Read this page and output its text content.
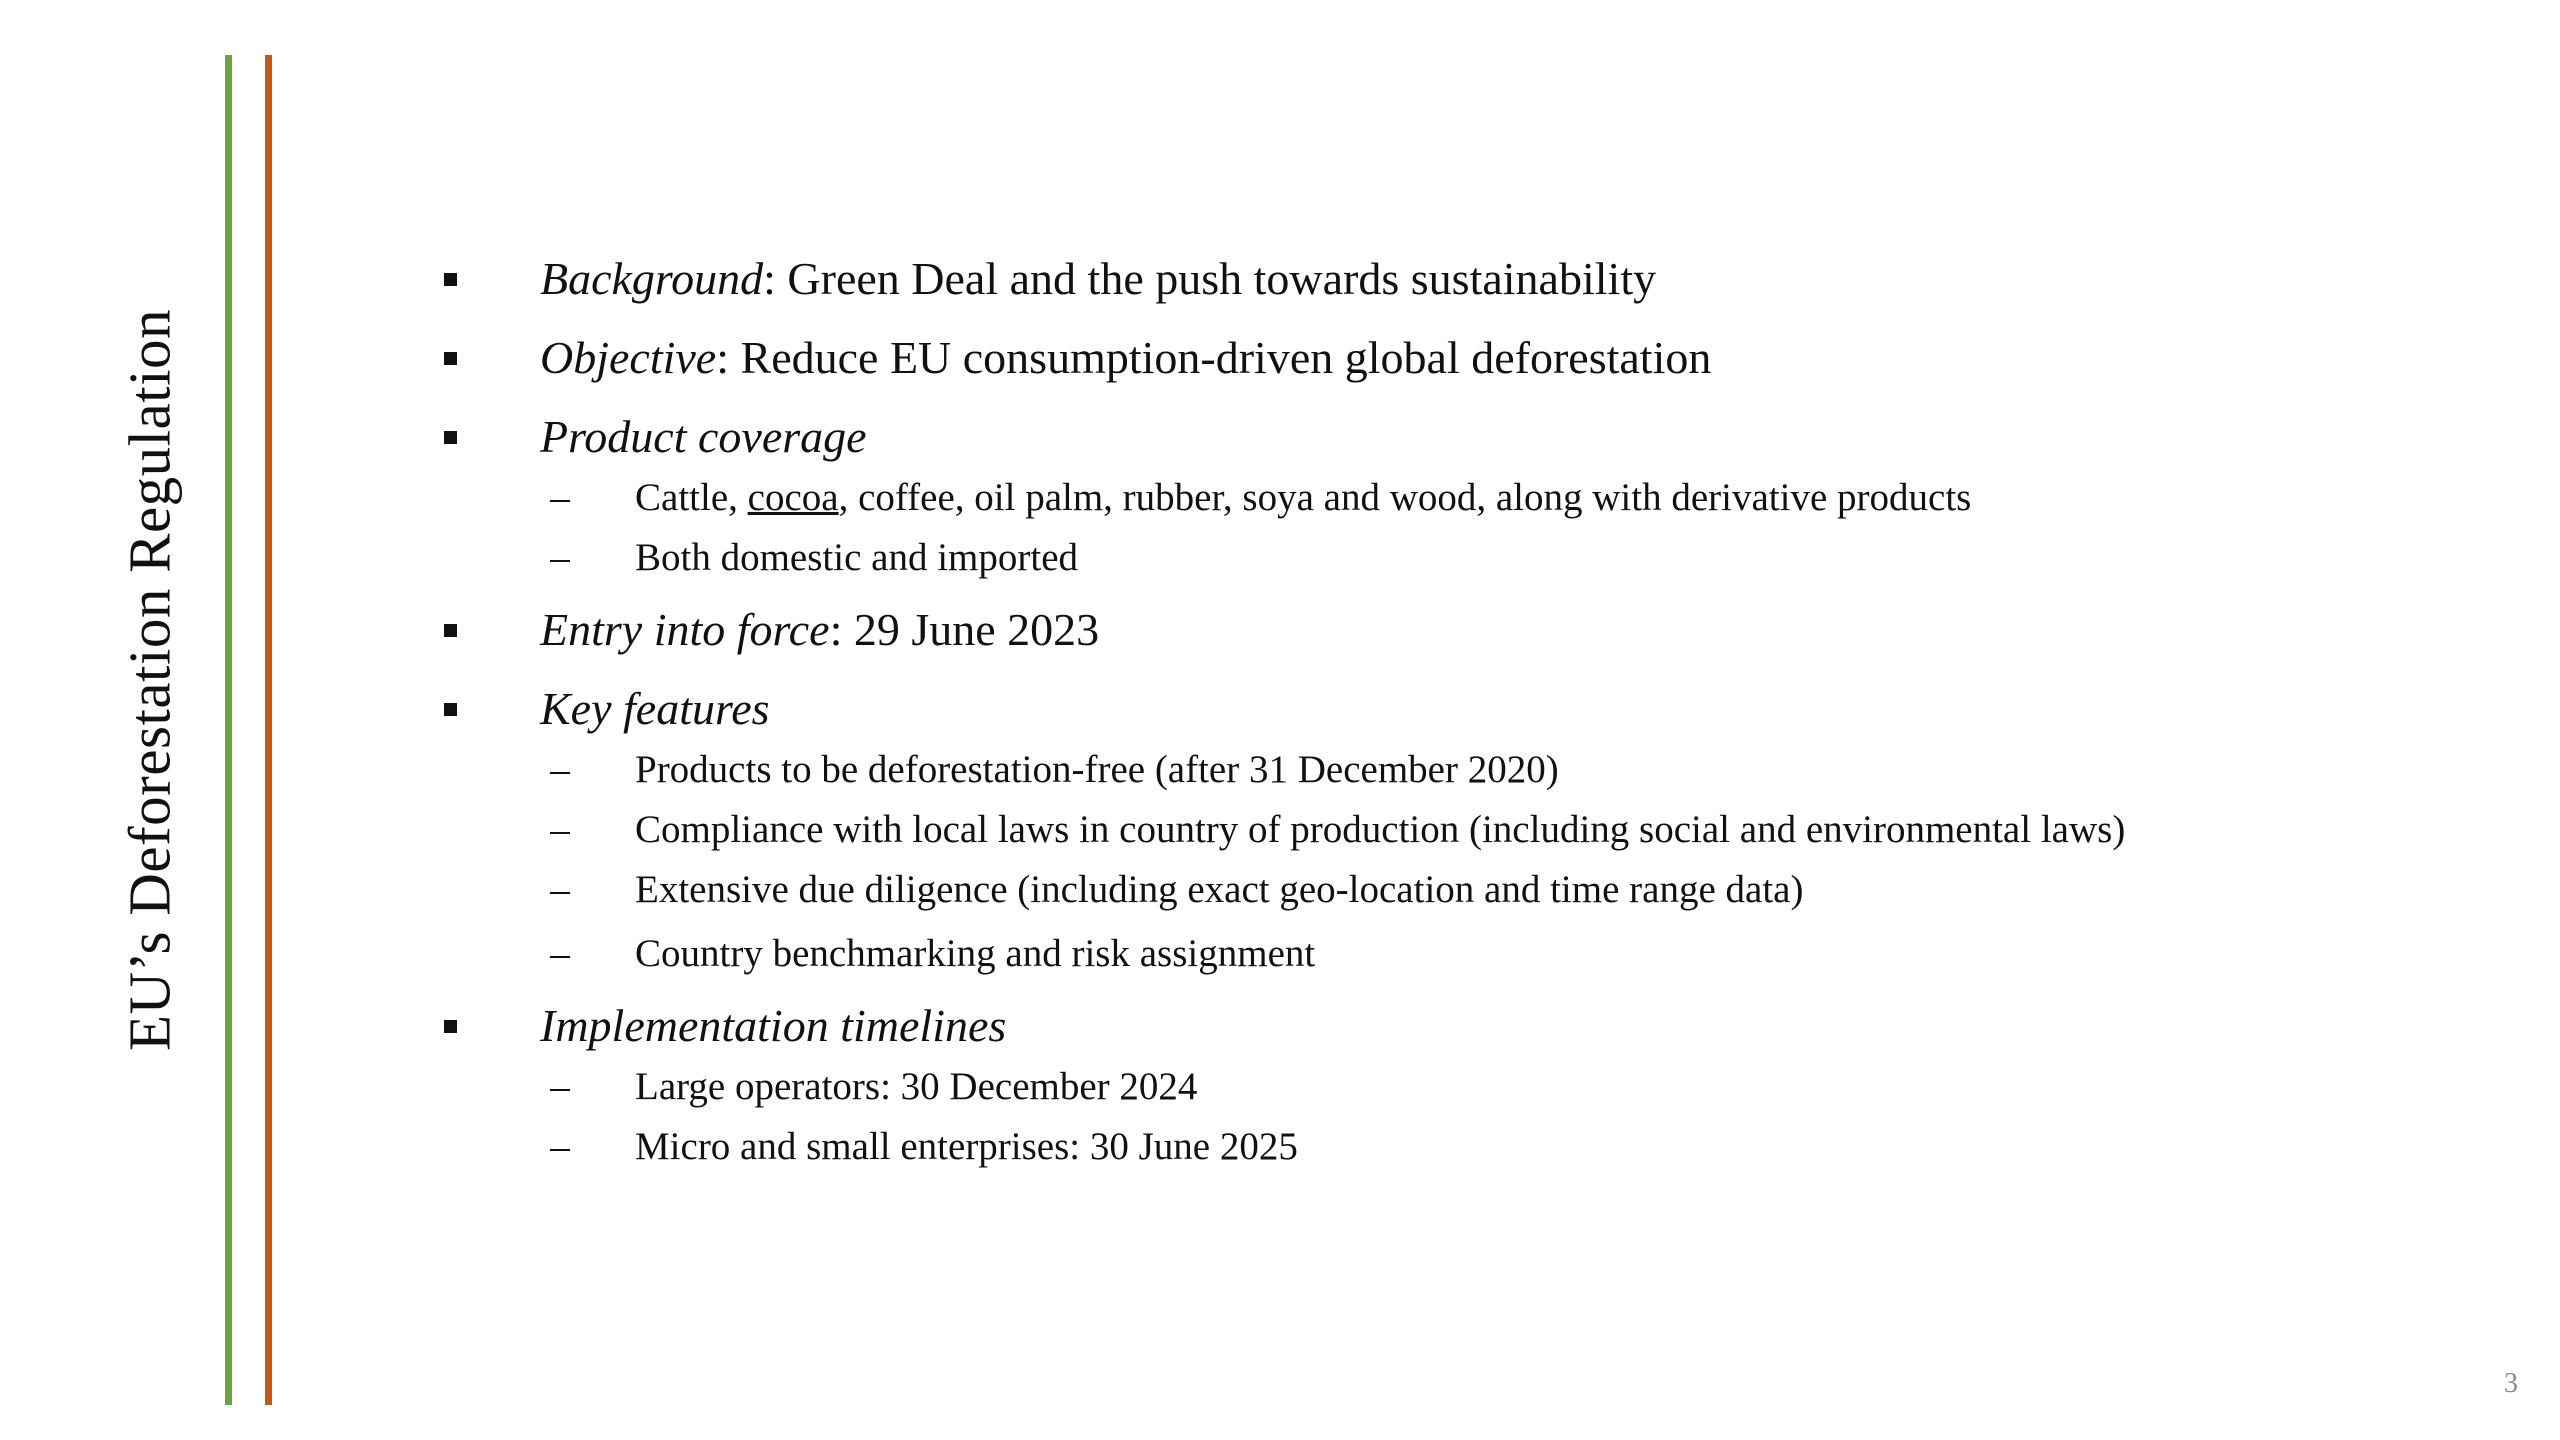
EU’s Deforestation Regulation
Background: Green Deal and the push towards sustainability
Objective: Reduce EU consumption-driven global deforestation
Product coverage
– Cattle, cocoa, coffee, oil palm, rubber, soya and wood, along with derivative products
– Both domestic and imported
Entry into force: 29 June 2023
Key features
– Products to be deforestation-free (after 31 December 2020)
– Compliance with local laws in country of production (including social and environmental laws)
– Extensive due diligence (including exact geo-location and time range data)
– Country benchmarking and risk assignment
Implementation timelines
– Large operators: 30 December 2024
– Micro and small enterprises: 30 June 2025
3
